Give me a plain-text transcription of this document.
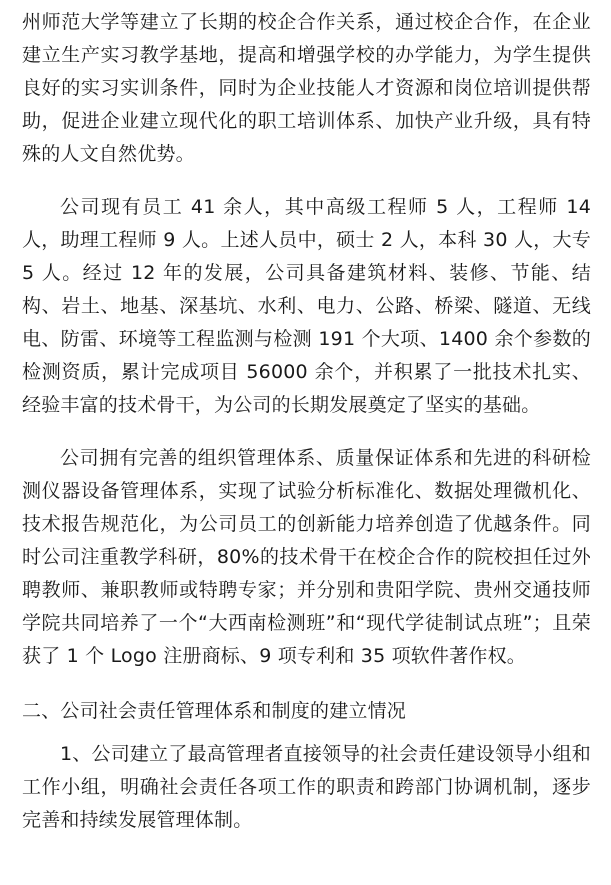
州师范大学等建立了长期的校企合作关系，通过校企合作，在企业建立生产实习教学基地，提高和增强学校的办学能力，为学生提供良好的实习实训条件，同时为企业技能人才资源和岗位培训提供帮助，促进企业建立现代化的职工培训体系、加快产业升级，具有特殊的人文自然优势。

公司现有员工 41 余人，其中高级工程师 5 人，工程师 14 人，助理工程师 9 人。上述人员中，硕士 2 人，本科 30 人，大专 5 人。经过 12 年的发展，公司具备建筑材料、装修、节能、结构、岩土、地基、深基坑、水利、电力、公路、桥梁、隧道、无线电、防雷、环境等工程监测与检测 191 个大项、1400 余个参数的检测资质，累计完成项目 56000 余个，并积累了一批技术扎实、经验丰富的技术骨干，为公司的长期发展奠定了坚实的基础。

公司拥有完善的组织管理体系、质量保证体系和先进的科研检测仪器设备管理体系，实现了试验分析标准化、数据处理微机化、技术报告规范化，为公司员工的创新能力培养创造了优越条件。同时公司注重教学科研，80%的技术骨干在校企合作的院校担任过外聘教师、兼职教师或特聘专家；并分别和贵阳学院、贵州交通技师学院共同培养了一个“大西南检测班”和“现代学徒制试点班”；且荣获了 1 个 Logo 注册商标、9 项专利和 35 项软件著作权。

二、公司社会责任管理体系和制度的建立情况

1、公司建立了最高管理者直接领导的社会责任建设领导小组和工作小组，明确社会责任各项工作的职责和跨部门协调机制，逐步完善和持续发展管理体制。
